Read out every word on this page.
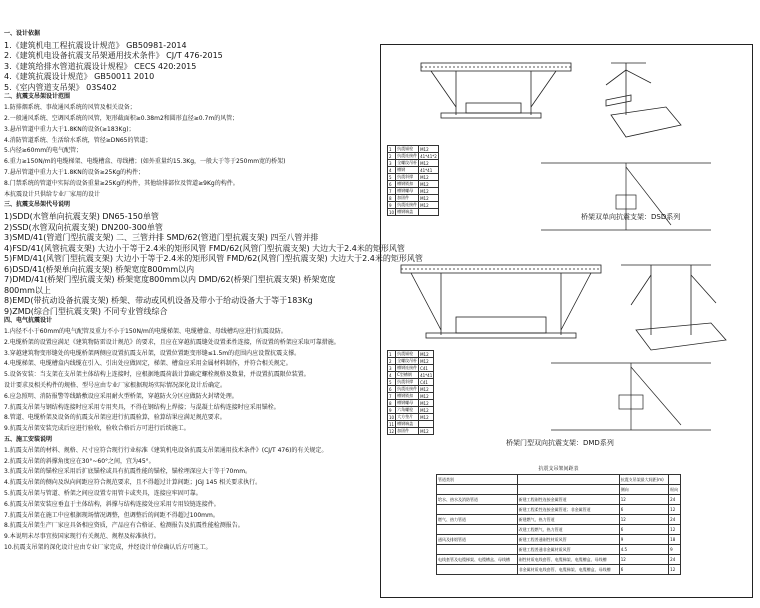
一、设计依据
1.《建筑机电工程抗震设计规范》 GB50981-2014
2.《建筑机电设备抗震支吊架通用技术条件》 CJ/T 476-2015
3.《建筑给排水管道抗震设计规程》 CECS 420:2015
4.《建筑抗震设计规范》 GB50011 2010
5.《室内管道支吊架》 03S402
二、抗震支吊架设计范围
1.防排烟系统、事故通风系统的风管及相关设备；
2.一般通风系统、空调风系统的风管，矩形截面积≥0.38m2和圆形直径≥0.7m的风管；
3.悬吊管道中重力大于1.8KN的设备(≥183Kg)；
4.消防管道系统、生活给水系统，管径≥DN65的管道；
5.内径≥60mm的电气配管；
6.重力≥150N/m的电缆梯架、电缆槽盒、母线槽；(如外重量约15.3Kg，一般大于等于250mm宽的桥架)
7.悬吊管道中重力大于1.8KN的设备≥25Kg的构件；
8.门禁系统的管道中实际的设备重量≥25Kg的构件，其他给排部位及管道≥9Kg的构件。
本抗震设计只供给专业厂家用的设计
三、抗震支吊架代号说明
1)SDD(水管单向抗震支架) DN65-150单管
2)SSD(水管双向抗震支架) DN200-300单管
3)SMD/41(管道门型抗震支架) 二、三管并排 SMD/62(管道门型抗震支架) 四至八管并排
4)FSD/41(风管抗震支架) 大边小于等于2.4米的矩形风管 FMD/62(风管门型抗震支架) 大边大于2.4米的矩形风管
5)FMD/41(风管门型抗震支架) 大边小于等于2.4米的矩形风管 FMD/62(风管门型抗震支架) 大边大于2.4米的矩形风管
6)DSD/41(桥架单向抗震支架) 桥架宽度800mm以内
7)DMD/41(桥架门型抗震支架) 桥架宽度800mm以内 DMD/62(桥架门型抗震支架) 桥架宽度
800mm以上
8)EMD(带抗动设备抗震支架) 桥架、带动或风机设备及带小于给动设备大于等于183Kg
9)ZMD(综合门型抗震支架) 不同专业管线综合
四、电气抗震设计
1.内径不小于60mm的电气配管及重力不小于150N/m的电缆梯架、电缆槽盒、母线槽均应进行抗震设防。
2.电缆桥架的设置应满足《建筑物防雷设计规范》的要求，且应在穿越抗震缝处设置柔性连接，所设置的桥架应采取可靠措施。
3.穿越建筑物变形缝处的电缆桥架两侧应设置抗震支吊架，设置位置距变形缝≤1.5m的范围内应设置抗震支撑。
4.电缆梯架、电缆槽盒内线缆在引入、引出处应做固定，梯架、槽盒应采用金属材料制作，并符合相关规定。
5.设备安装：当支架在支吊架主体结构上连接时，应根据地震荷载计算确定螺栓规格及数量，并设置抗震限位装置。
设计要求及相关构件的规格、型号应由专业厂家根据现场实际情况深化设计后确定。
6.应急照明、消防报警等线路敷设应采用耐火型桥架，穿越防火分区应做防火封堵处理。
7.抗震支吊架与钢结构连接时应采用专用夹具，不得在钢结构上焊接；与混凝土结构连接时应采用锚栓。
8.管道、电缆桥架及设备的抗震支吊架应进行抗震验算，验算结果应满足规范要求。
9.抗震支吊架安装完成后应进行验收，验收合格后方可进行后续施工。
五、施工安装说明
1.抗震支吊架的材料、规格、尺寸应符合现行行业标准《建筑机电设备抗震支吊架通用技术条件》(CJ/T 476)的有关规定。
2.抗震支吊架的斜撑角度应在30°~60°之间，宜为45°。
3.抗震支吊架的锚栓应采用后扩底锚栓或具有抗震性能的锚栓，锚栓埋深应大于等于70mm。
4.抗震支吊架的侧向及纵向间距应符合规范要求，且不得超过计算间距；JGJ 145 相关要求执行。
5.抗震支吊架与管道、桥架之间应设置专用管卡或夹具，连接应牢固可靠。
6.抗震支吊架安装应垂直于主体结构，斜撑与结构连接处应采用专用铰链连接件。
7.抗震支吊架在施工中应根据现场情况调整，但调整后的间距不得超过100mm。
8.抗震支吊架生产厂家应具备相应资质，产品应有合格证、检测报告及抗震性能检测报告。
9.本说明未尽事宜按国家现行有关规范、规程及标准执行。
10.抗震支吊架的深化设计应由专业厂家完成，并经设计单位确认后方可施工。
1	抗震锚栓	M12
2	抗震连接件	41*41*2
3	全螺纹吊杆	M12
4	槽钢	41*41
5	抗震斜撑	M12
6	槽钢锁扣	M12
7	槽钢螺母	M12
8	加固件	M12
9	抗震连接件	M12
10	槽钢端盖	
1	抗震锚栓	M12
2	全螺纹吊杆	M12
3	槽钢连接件	C41
4	C型槽钢	41*41
5	抗震斜撑	C41
6	抗震连接件	M12
7	槽钢锁扣	M12
8	槽钢螺母	M12
9	六角螺栓	M12
10	大方垫片	M12
11	槽钢端盖	
12	加固件	M12
桥架双单向抗震支架：DSD系列
桥架门型双向抗震支架：DMD系列
抗震支吊架间距表
管道类别		抗震支吊架最大间距(m)	
		侧向	纵向
给水、热水及消防管道	新建工程刚性连接金属管道	12	24
	新建工程柔性连接金属管道；非金属管道	6	12
燃气、热力管道	新建燃气、热力管道	12	24
	改建工程燃气、热力管道	6	12
通风及排烟管道	新建工程普通刚性材质风管	9	18
	新建工程普通非金属材质风管	4.5	9
电线套管及电缆梯架、电缆槽盒、母线槽	刚性材质电线套管、电缆梯架、电缆槽盒、母线槽	12	24
	非金属材质电线套管、电缆梯架、电缆槽盒、母线槽	6	12
